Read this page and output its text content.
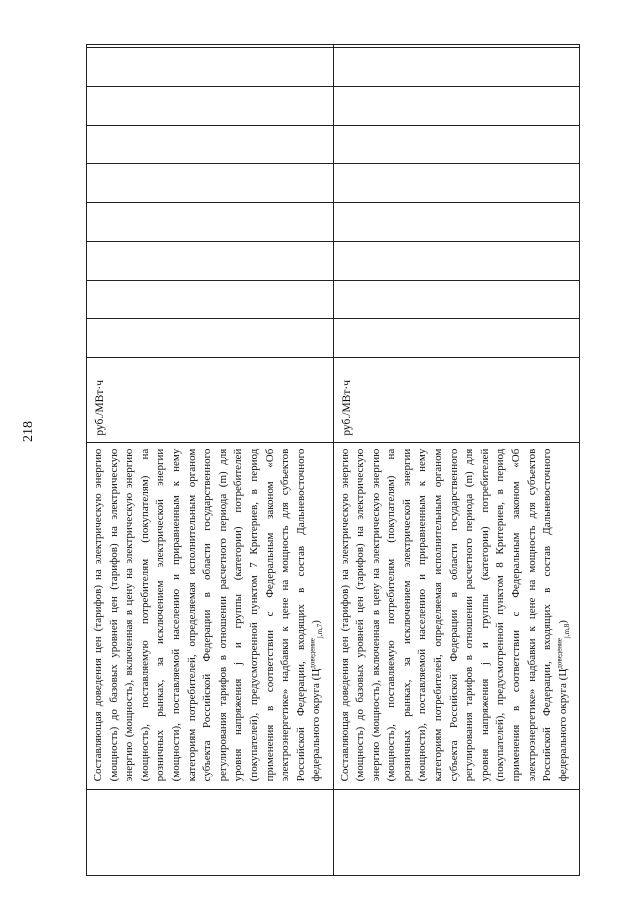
218

	Составляющая доведения цен (тарифов) на электрическую энергию (мощность) до базовых уровней цен (тарифов) на электрическую энергию (мощность), включенная в цену на электрическую энергию (мощность), поставляемую потребителям (покупателям) на розничных рынках, за исключением электрической энергии (мощности), поставляемой населению и приравненным к нему категориям потребителей, определяемая исполнительным органом субъекта Российской Федерации в области государственного регулирования тарифов в отношении расчетного периода (m) для уровня напряжения j и группы (категории) потребителей (покупателей), предусмотренной пунктом 7 Критериев, в период применения в соответствии с Федеральным законом «Об электроэнергетике» надбавки к цене на мощность для субъектов Российской Федерации, входящих в состав Дальневосточного федерального округа $(Ц^{доведение}_{j,m,7})$	руб./МВт·ч									

	Составляющая доведения цен (тарифов) на электрическую энергию (мощность) до базовых уровней цен (тарифов) на электрическую энергию (мощность), включенная в цену на электрическую энергию (мощность), поставляемую потребителям (покупателям) на розничных рынках, за исключением электрической энергии (мощности), поставляемой населению и приравненным к нему категориям потребителей, определяемая исполнительным органом субъекта Российской Федерации в области государственного регулирования тарифов в отношении расчетного периода (m) для уровня напряжения j и группы (категории) потребителей (покупателей), предусмотренной пунктом 8 Критериев, в период применения в соответствии с Федеральным законом «Об электроэнергетике» надбавки к цене на мощность для субъектов Российской Федерации, входящих в состав Дальневосточного федерального округа $(Ц^{доведение}_{j,m,8})$	руб./МВт·ч									
